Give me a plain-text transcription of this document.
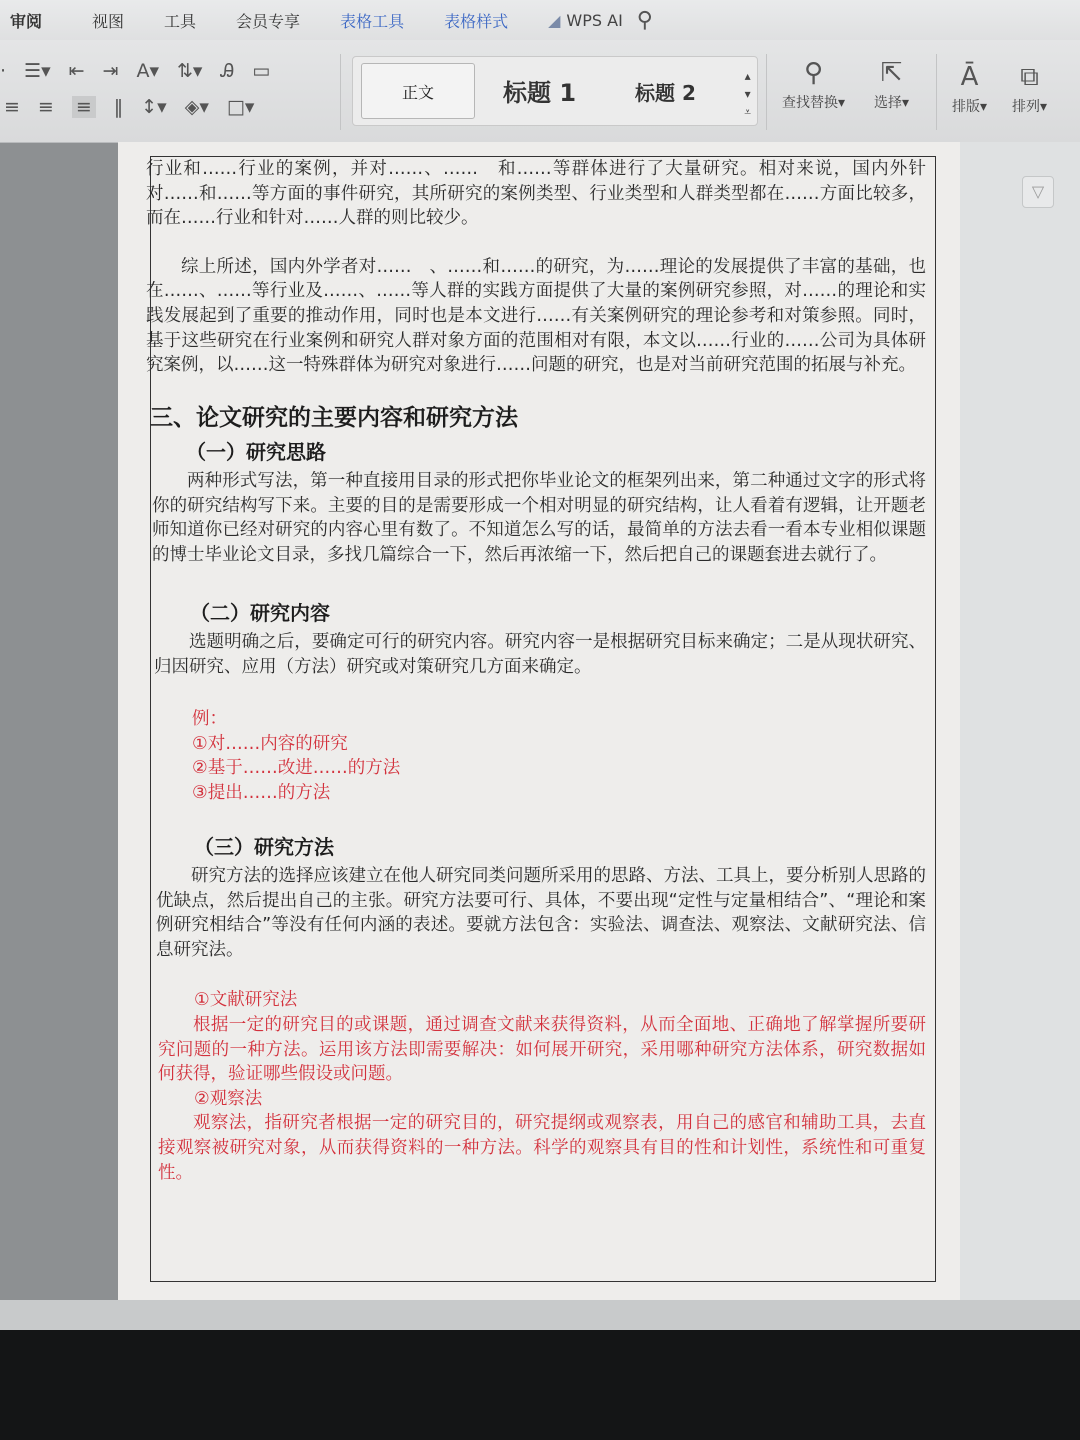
审阅	视图	工具	会员专享	表格工具	表格样式	◢ WPS AI ⚲
⋅ ☰▾ ⇤ ⇥ A▾ ⇅▾ Ꭿ ▭
≡ ≡ ≡ ‖ ↕▾ ◈▾ □▾
正文	标题 1	标题 2
▴
▾
⩡
⚲
查找替换▾
⇱
选择▾
Ā
排版▾
⧉
排列▾
▽

行业和……行业的案例，并对……、……　和……等群体进行了大量研究。相对来说，国内外针对……和……等方面的事件研究，其所研究的案例类型、行业类型和人群类型都在……方面比较多，而在……行业和针对……人群的则比较少。

综上所述，国内外学者对……　、……和……的研究，为……理论的发展提供了丰富的基础，也在……、……等行业及……、……等人群的实践方面提供了大量的案例研究参照，对……的理论和实践发展起到了重要的推动作用，同时也是本文进行……有关案例研究的理论参考和对策参照。同时，基于这些研究在行业案例和研究人群对象方面的范围相对有限，本文以……行业的……公司为具体研究案例，以……这一特殊群体为研究对象进行……问题的研究，也是对当前研究范围的拓展与补充。

三、论文研究的主要内容和研究方法

（一）研究思路

两种形式写法，第一种直接用目录的形式把你毕业论文的框架列出来，第二种通过文字的形式将你的研究结构写下来。主要的目的是需要形成一个相对明显的研究结构，让人看着有逻辑，让开题老师知道你已经对研究的内容心里有数了。不知道怎么写的话，最简单的方法去看一看本专业相似课题的博士毕业论文目录，多找几篇综合一下，然后再浓缩一下，然后把自己的课题套进去就行了。

（二）研究内容

选题明确之后，要确定可行的研究内容。研究内容一是根据研究目标来确定；二是从现状研究、归因研究、应用（方法）研究或对策研究几方面来确定。

例：
①对……内容的研究
②基于……改进……的方法
③提出……的方法

（三）研究方法

研究方法的选择应该建立在他人研究同类问题所采用的思路、方法、工具上，要分析别人思路的优缺点，然后提出自己的主张。研究方法要可行、具体，不要出现“定性与定量相结合”、“理论和案例研究相结合”等没有任何内涵的表述。要就方法包含：实验法、调查法、观察法、文献研究法、信息研究法。

①文献研究法

根据一定的研究目的或课题，通过调查文献来获得资料，从而全面地、正确地了解掌握所要研究问题的一种方法。运用该方法即需要解决：如何展开研究，采用哪种研究方法体系，研究数据如何获得，验证哪些假设或问题。

②观察法

观察法，指研究者根据一定的研究目的，研究提纲或观察表，用自己的感官和辅助工具，去直接观察被研究对象，从而获得资料的一种方法。科学的观察具有目的性和计划性，系统性和可重复性。
